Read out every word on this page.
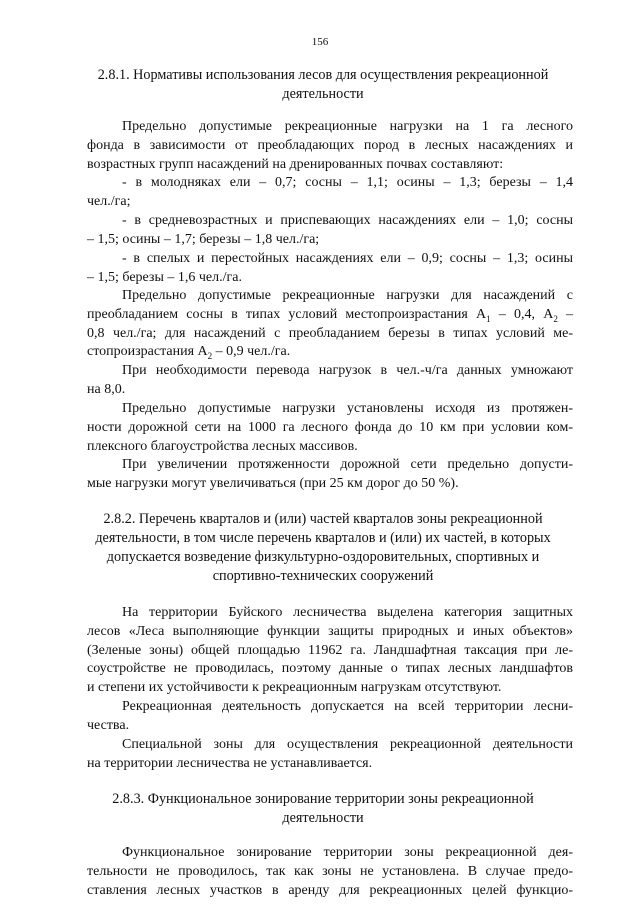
156
2.8.1. Нормативы использования лесов для осуществления рекреационной
деятельности
Предельно допустимые рекреационные нагрузки на 1 га лесного
фонда в зависимости от преобладающих пород в лесных насаждениях и
возрастных групп насаждений на дренированных почвах составляют:
- в молодняках ели – 0,7; сосны – 1,1; осины – 1,3; березы – 1,4
чел./га;
- в средневозрастных и приспевающих насаждениях ели – 1,0; сосны
– 1,5; осины – 1,7; березы – 1,8 чел./га;
- в спелых и перестойных насаждениях ели – 0,9; сосны – 1,3; осины
– 1,5; березы – 1,6 чел./га.
Предельно допустимые рекреационные нагрузки для насаждений с
преобладанием сосны в типах условий местопроизрастания $А_1 - 0,4$, $А_2$ –
0,8 чел./га; для насаждений с преобладанием березы в типах условий ме-
стопроизрастания $А_2 - 0,9$ чел./га.
При необходимости перевода нагрузок в чел.-ч/га данных умножают
на 8,0.
Предельно допустимые нагрузки установлены исходя из протяжен-
ности дорожной сети на 1000 га лесного фонда до 10 км при условии ком-
плексного благоустройства лесных массивов.
При увеличении протяженности дорожной сети предельно допусти-
мые нагрузки могут увеличиваться (при 25 км дорог до 50 %).
2.8.2. Перечень кварталов и (или) частей кварталов зоны рекреационной
деятельности, в том числе перечень кварталов и (или) их частей, в которых
допускается возведение физкультурно-оздоровительных, спортивных и
спортивно-технических сооружений
На территории Буйского лесничества выделена категория защитных
лесов «Леса выполняющие функции защиты природных и иных объектов»
(Зеленые зоны) общей площадью 11962 га. Ландшафтная таксация при ле-
соустройстве не проводилась, поэтому данные о типах лесных ландшафтов
и степени их устойчивости к рекреационным нагрузкам отсутствуют.
Рекреационная деятельность допускается на всей территории лесни-
чества.
Специальной зоны для осуществления рекреационной деятельности
на территории лесничества не устанавливается.
2.8.3. Функциональное зонирование территории зоны рекреационной
деятельности
Функциональное зонирование территории зоны рекреационной дея-
тельности не проводилось, так как зоны не установлена. В случае предо-
ставления лесных участков в аренду для рекреационных целей функцио-
